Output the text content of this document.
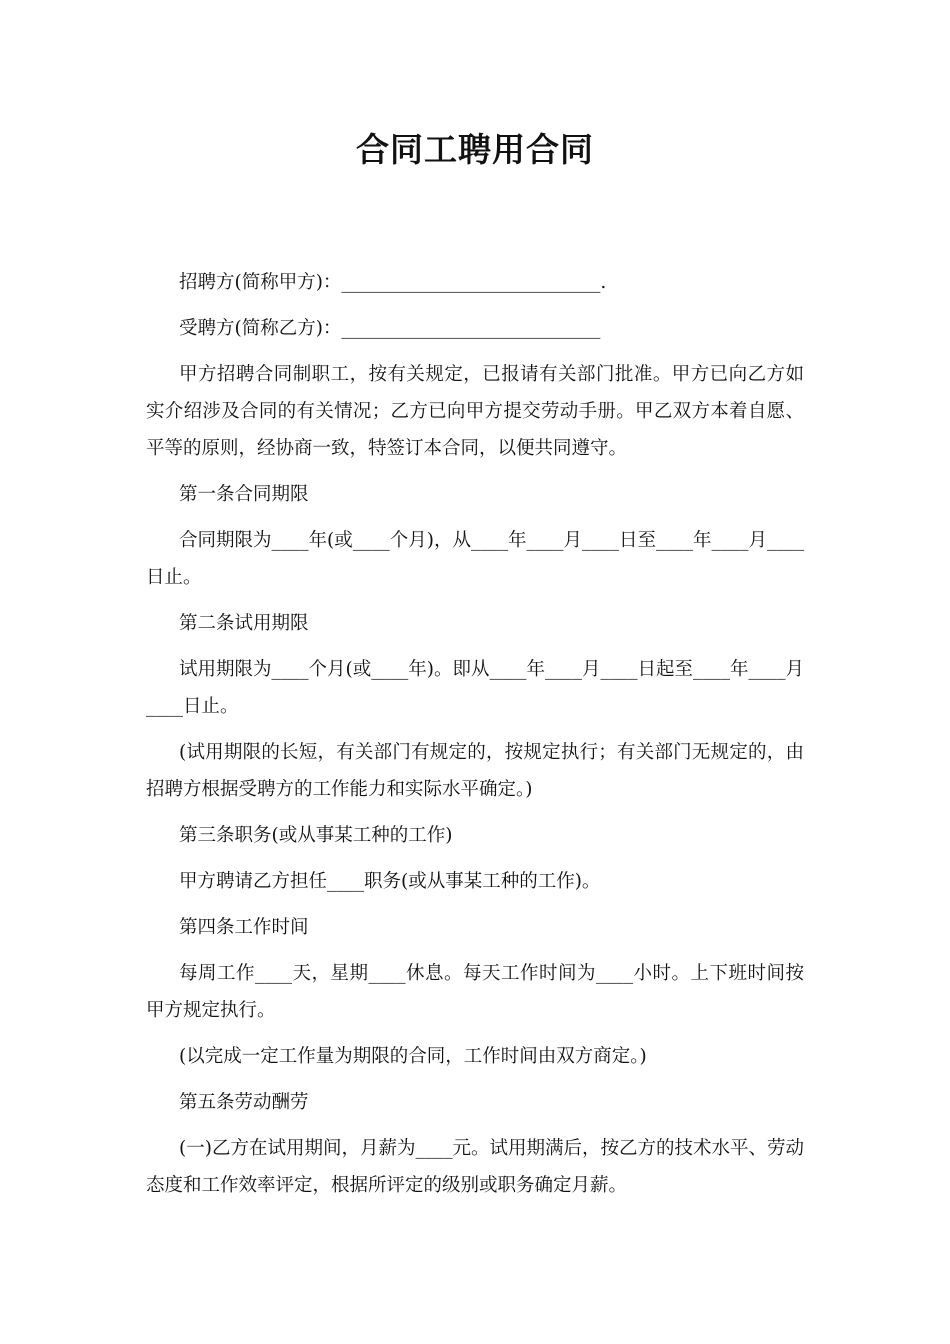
合同工聘用合同

招聘方(简称甲方)：____________________________.

受聘方(简称乙方)：____________________________

甲方招聘合同制职工，按有关规定，已报请有关部门批准。甲方已向乙方如实介绍涉及合同的有关情况；乙方已向甲方提交劳动手册。甲乙双方本着自愿、平等的原则，经协商一致，特签订本合同，以便共同遵守。

第一条合同期限

合同期限为____年(或____个月)，从____年____月____日至____年____月____日止。

第二条试用期限

试用期限为____个月(或____年)。即从____年____月____日起至____年____月____日止。

(试用期限的长短，有关部门有规定的，按规定执行；有关部门无规定的，由招聘方根据受聘方的工作能力和实际水平确定。)

第三条职务(或从事某工种的工作)

甲方聘请乙方担任____职务(或从事某工种的工作)。

第四条工作时间

每周工作____天，星期____休息。每天工作时间为____小时。上下班时间按甲方规定执行。

(以完成一定工作量为期限的合同，工作时间由双方商定。)

第五条劳动酬劳

(一)乙方在试用期间，月薪为____元。试用期满后，按乙方的技术水平、劳动态度和工作效率评定，根据所评定的级别或职务确定月薪。
